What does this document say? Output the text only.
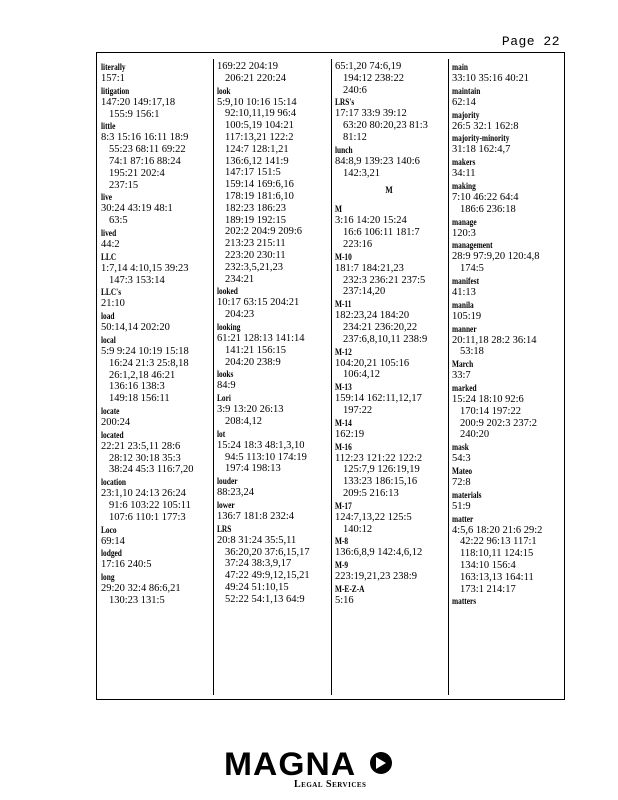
Page 22
literally
157:1
litigation
147:20 149:17,18
155:9 156:1
little
8:3 15:16 16:11 18:9
55:23 68:11 69:22
74:1 87:16 88:24
195:21 202:4
237:15
live
30:24 43:19 48:1
63:5
lived
44:2
LLC
1:7,14 4:10,15 39:23
147:3 153:14
LLC's
21:10
load
50:14,14 202:20
local
5:9 9:24 10:19 15:18
16:24 21:3 25:8,18
26:1,2,18 46:21
136:16 138:3
149:18 156:11
locate
200:24
located
22:21 23:5,11 28:6
28:12 30:18 35:3
38:24 45:3 116:7,20
location
23:1,10 24:13 26:24
91:6 103:22 105:11
107:6 110:1 177:3
Loco
69:14
lodged
17:16 240:5
long
29:20 32:4 86:6,21
130:23 131:5
169:22 204:19
206:21 220:24
look
5:9,10 10:16 15:14
92:10,11,19 96:4
100:5,19 104:21
117:13,21 122:2
124:7 128:1,21
136:6,12 141:9
147:17 151:5
159:14 169:6,16
178:19 181:6,10
182:23 186:23
189:19 192:15
202:2 204:9 209:6
213:23 215:11
223:20 230:11
232:3,5,21,23
234:21
looked
10:17 63:15 204:21
204:23
looking
61:21 128:13 141:14
141:21 156:15
204:20 238:9
looks
84:9
Lori
3:9 13:20 26:13
208:4,12
lot
15:24 18:3 48:1,3,10
94:5 113:10 174:19
197:4 198:13
louder
88:23,24
lower
136:7 181:8 232:4
LRS
20:8 31:24 35:5,11
36:20,20 37:6,15,17
37:24 38:3,9,17
47:22 49:9,12,15,21
49:24 51:10,15
52:22 54:1,13 64:9
65:1,20 74:6,19
194:12 238:22
240:6
LRS's
17:17 33:9 39:12
63:20 80:20,23 81:3
81:12
lunch
84:8,9 139:23 140:6
142:3,21
M
M
3:16 14:20 15:24
16:6 106:11 181:7
223:16
M-10
181:7 184:21,23
232:3 236:21 237:5
237:14,20
M-11
182:23,24 184:20
234:21 236:20,22
237:6,8,10,11 238:9
M-12
104:20,21 105:16
106:4,12
M-13
159:14 162:11,12,17
197:22
M-14
162:19
M-16
112:23 121:22 122:2
125:7,9 126:19,19
133:23 186:15,16
209:5 216:13
M-17
124:7,13,22 125:5
140:12
M-8
136:6,8,9 142:4,6,12
M-9
223:19,21,23 238:9
M-E-Z-A
5:16
main
33:10 35:16 40:21
maintain
62:14
majority
26:5 32:1 162:8
majority-minority
31:18 162:4,7
makers
34:11
making
7:10 46:22 64:4
186:6 236:18
manage
120:3
management
28:9 97:9,20 120:4,8
174:5
manifest
41:13
manila
105:19
manner
20:11,18 28:2 36:14
53:18
March
33:7
marked
15:24 18:10 92:6
170:14 197:22
200:9 202:3 237:2
240:20
mask
54:3
Mateo
72:8
materials
51:9
matter
4:5,6 18:20 21:6 29:2
42:22 96:13 117:1
118:10,11 124:15
134:10 156:4
163:13,13 164:11
173:1 214:17
matters
MAGNA
Legal Services
